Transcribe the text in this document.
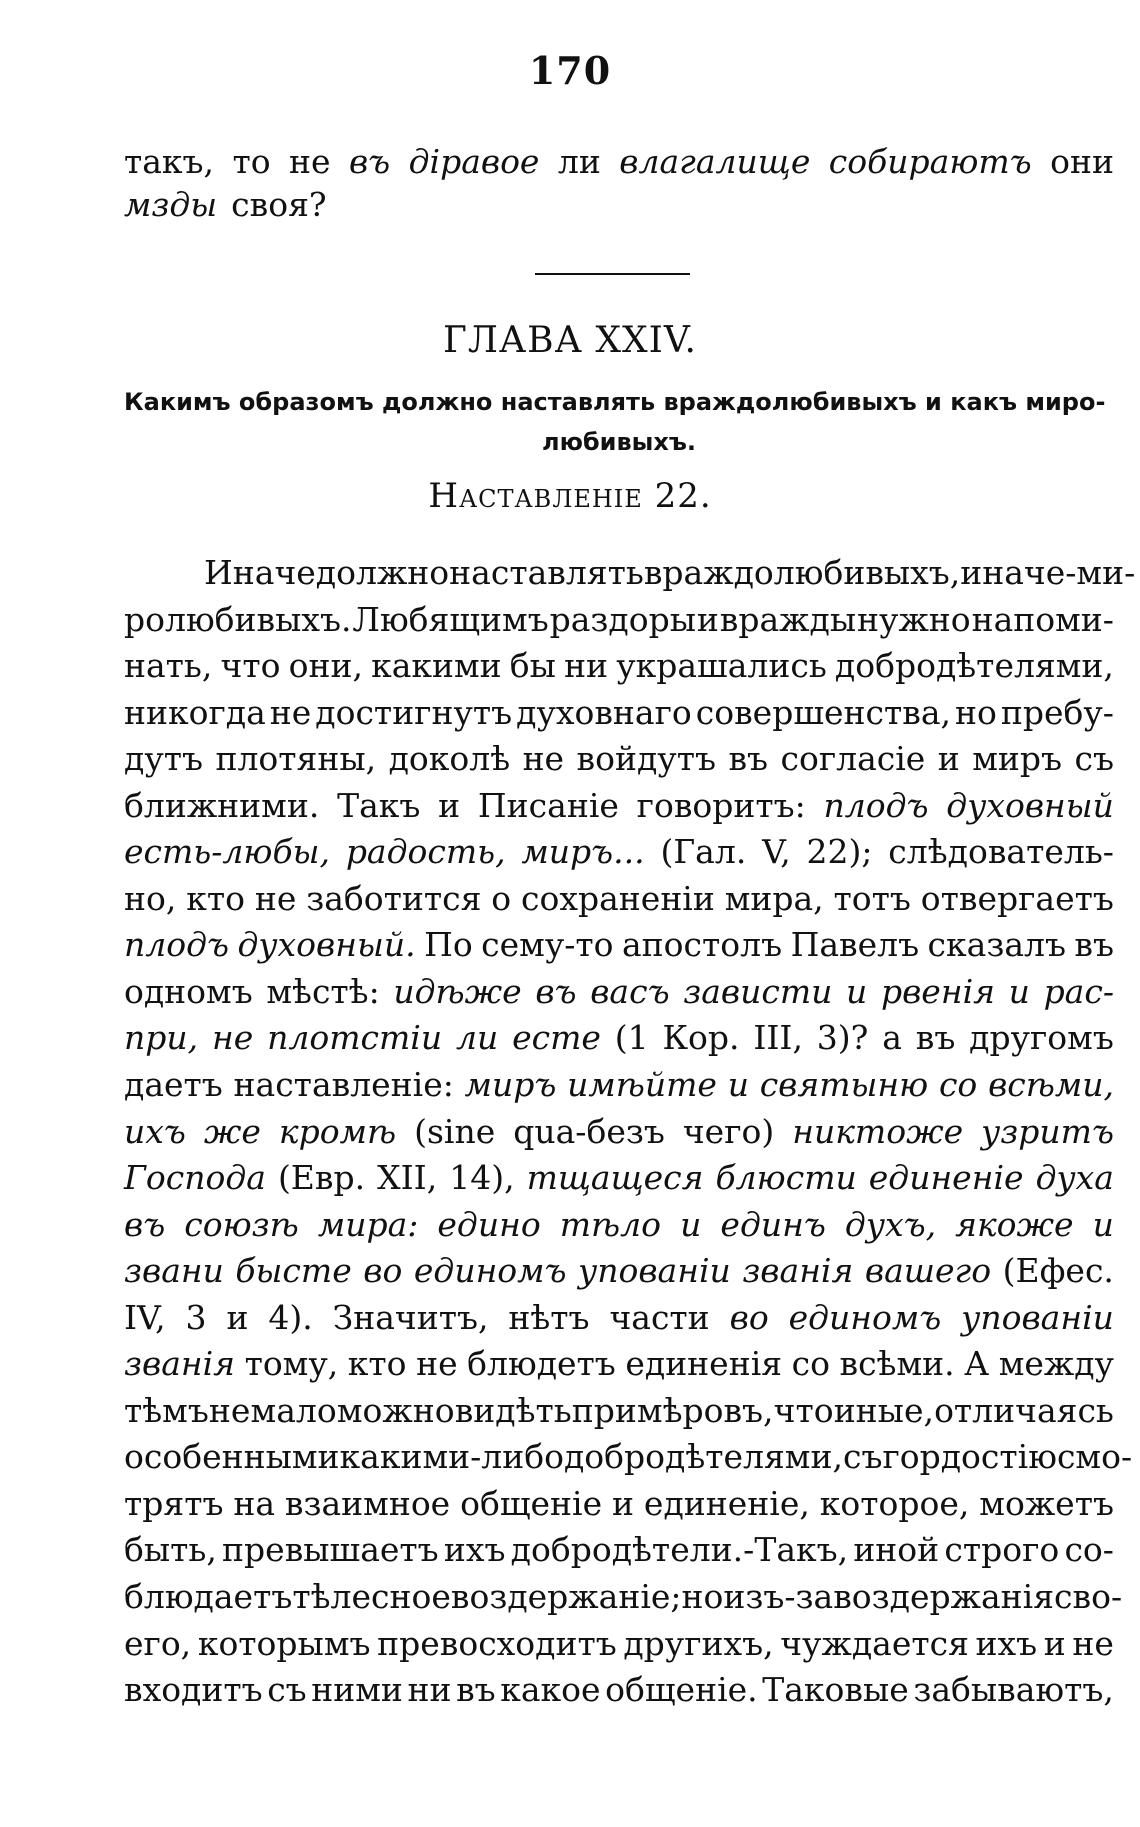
170
такъ, то не въ дiравое ли влагалище собираютъ они
мзды своя?
ГЛАВА XXIV.
Какимъ образомъ должно наставлять враждолюбивыхъ и какъ миро-
любивыхъ.
Наставленiе 22.
Иначе должно наставлять враждолюбивыхъ, иначе-ми-
ролюбивыхъ. Любящимъ раздоры и вражды нужно напоми-
нать, что они, какими бы ни украшались добродѣтелями,
никогда не достигнутъ духовнаго совершенства, но пребу-
дутъ плотяны, доколѣ не войдутъ въ согласiе и миръ съ
ближними. Такъ и Писанiе говоритъ: плодъ духовный
есть-любы, радость, миръ... (Гал. V, 22); слѣдователь-
но, кто не заботится о сохраненiи мира, тотъ отвергаетъ
плодъ духовный. По сему-то апостолъ Павелъ сказалъ въ
одномъ мѣстѣ: идѣже въ васъ зависти и рвенiя и рас-
при, не плотстiи ли есте (1 Кор. III, 3)? а въ другомъ
даетъ наставленiе: миръ имѣйте и святыню со всѣми,
ихъ же кромѣ (sine qua-безъ чего) никтоже узритъ
Господа (Евр. XII, 14), тщащеся блюсти единенiе духа
въ союзѣ мира: едино тѣло и единъ духъ, якоже и
звани бысте во единомъ упованiи званiя вашего (Ефес.
IV, 3 и 4). Значитъ, нѣтъ части во единомъ упованiи
званiя тому, кто не блюдетъ единенiя со всѣми. А между
тѣмъ не мало можно видѣть примѣровъ, что иные, отличаясь
особенными какими-либо добродѣтелями, съ гордостiю смо-
трятъ на взаимное общенiе и единенiе, которое, можетъ
быть, превышаетъ ихъ добродѣтели.-Такъ, иной строго со-
блюдаетъ тѣлесное воздержанiе; но изъ-за воздержанiя сво-
его, которымъ превосходитъ другихъ, чуждается ихъ и не
входитъ съ ними ни въ какое общенiе. Таковые забываютъ,
